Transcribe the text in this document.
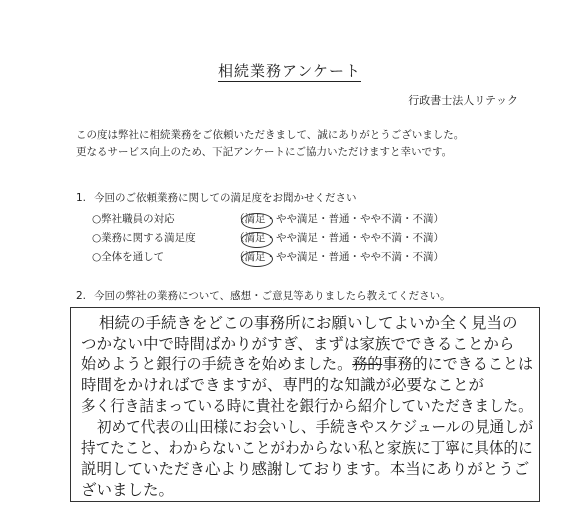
相続業務アンケート
行政書士法人リテック
この度は弊社に相続業務をご依頼いただきまして、誠にありがとうございました。
更なるサービス向上のため、下記アンケートにご協力いただけますと幸いです。
1. 今回のご依頼業務に関しての満足度をお聞かせください
○弊社職員の対応	（満足・やや満足・普通・やや不満・不満）
○業務に関する満足度	（満足・やや満足・普通・やや不満・不満）
○全体を通して	（満足・やや満足・普通・やや不満・不満）
2. 今回の弊社の業務について、感想・ご意見等ありましたら教えてください。
相続の手続きをどこの事務所にお願いしてよいか全く見当の
つかない中で時間ばかりがすぎ、まずは家族でできることから
始めようと銀行の手続きを始めました。務的事務的にできることは
時間をかければできますが、専門的な知識が必要なことが
多く行き詰まっている時に貴社を銀行から紹介していただきました。
初めて代表の山田様にお会いし、手続きやスケジュールの見通しが
持てたこと、わからないことがわからない私と家族に丁寧に具体的に
説明していただき心より感謝しております。本当にありがとうご
ざいました。
